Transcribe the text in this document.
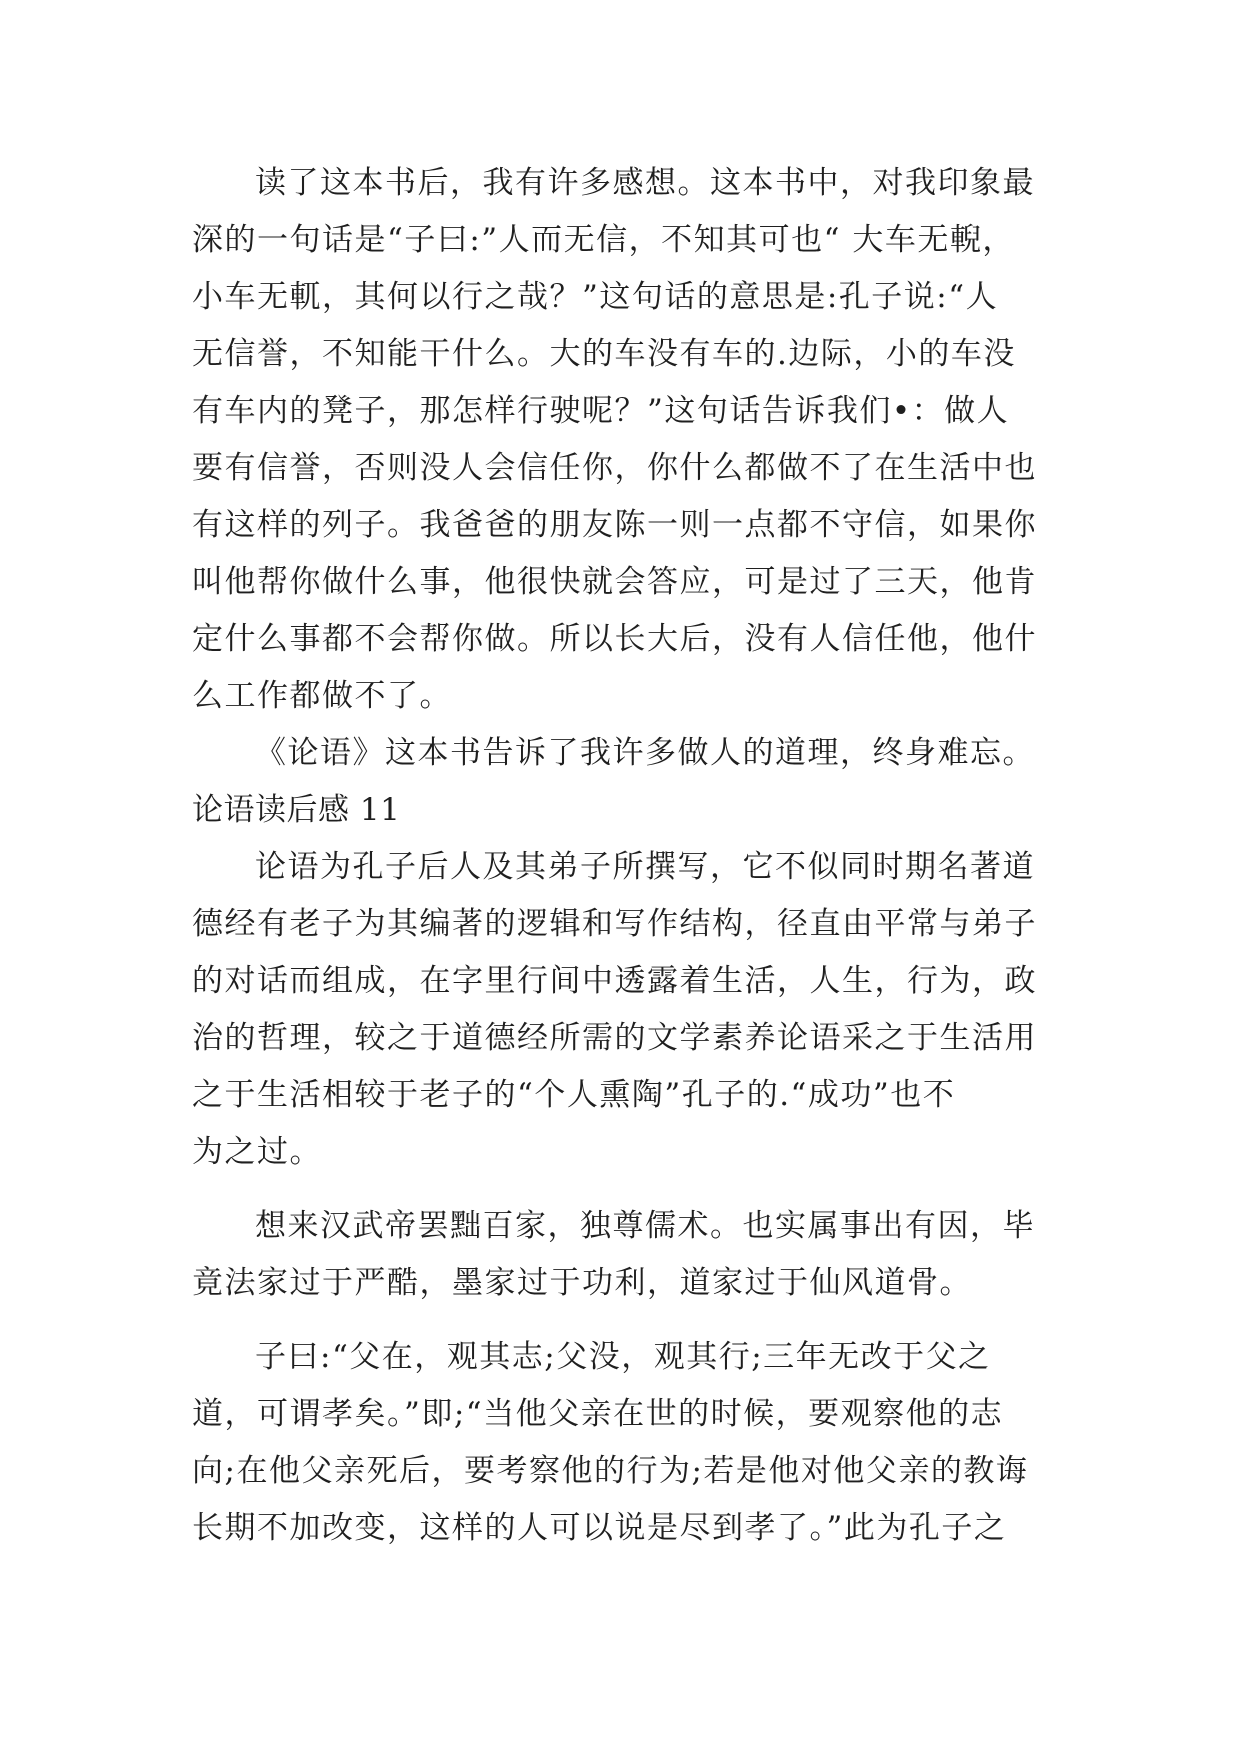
读了这本书后，我有许多感想。这本书中，对我印象最
深的一句话是“子曰:”人而无信，不知其可也“ 大车无輗，
小车无軏，其何以行之哉？”这句话的意思是:孔子说:“人
无信誉，不知能干什么。大的车没有车的.边际，小的车没
有车内的凳子，那怎样行驶呢？”这句话告诉我们•：做人
要有信誉，否则没人会信任你，你什么都做不了在生活中也
有这样的列子。我爸爸的朋友陈一则一点都不守信，如果你
叫他帮你做什么事，他很快就会答应，可是过了三天，他肯
定什么事都不会帮你做。所以长大后，没有人信任他，他什
么工作都做不了。
《论语》这本书告诉了我许多做人的道理，终身难忘。
论语读后感 11
论语为孔子后人及其弟子所撰写，它不似同时期名著道
德经有老子为其编著的逻辑和写作结构，径直由平常与弟子
的对话而组成，在字里行间中透露着生活，人生，行为，政
治的哲理，较之于道德经所需的文学素养论语采之于生活用
之于生活相较于老子的“个人熏陶”孔子的.“成功”也不
为之过。
想来汉武帝罢黜百家，独尊儒术。也实属事出有因，毕
竟法家过于严酷，墨家过于功利，道家过于仙风道骨。
子曰:“父在，观其志;父没，观其行;三年无改于父之
道，可谓孝矣。”即;“当他父亲在世的时候，要观察他的志
向;在他父亲死后，要考察他的行为;若是他对他父亲的教诲
长期不加改变，这样的人可以说是尽到孝了。”此为孔子之
